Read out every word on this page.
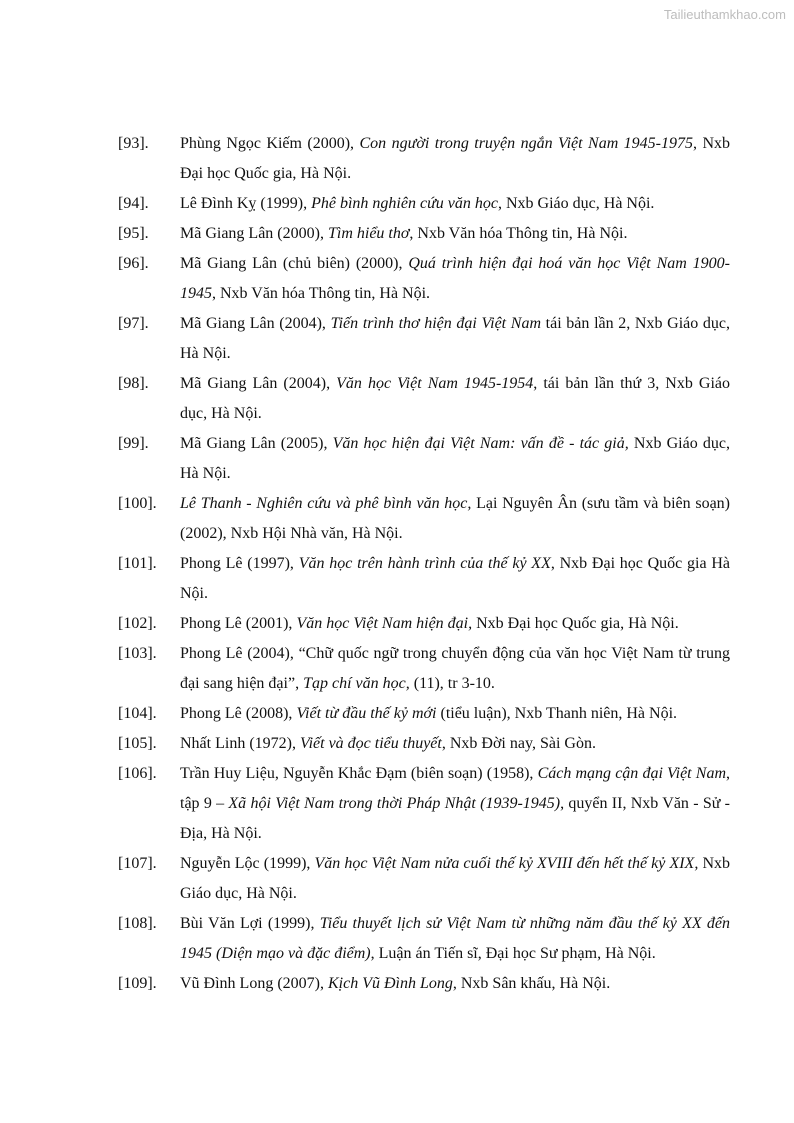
Tailieuthamkhao.com
[93].	Phùng Ngọc Kiếm (2000), Con người trong truyện ngắn Việt Nam 1945-1975, Nxb Đại học Quốc gia, Hà Nội.
[94].	Lê Đình Kỵ (1999), Phê bình nghiên cứu văn học, Nxb Giáo dục, Hà Nội.
[95].	Mã Giang Lân (2000), Tìm hiểu thơ, Nxb Văn hóa Thông tin, Hà Nội.
[96].	Mã Giang Lân (chủ biên) (2000), Quá trình hiện đại hoá văn học Việt Nam 1900- 1945, Nxb Văn hóa Thông tin, Hà Nội.
[97].	Mã Giang Lân (2004), Tiến trình thơ hiện đại Việt Nam tái bản lần 2, Nxb Giáo dục, Hà Nội.
[98].	Mã Giang Lân (2004), Văn học Việt Nam 1945-1954, tái bản lần thứ 3, Nxb Giáo dục, Hà Nội.
[99].	Mã Giang Lân (2005), Văn học hiện đại Việt Nam: vấn đề - tác giả, Nxb Giáo dục, Hà Nội.
[100].	Lê Thanh - Nghiên cứu và phê bình văn học, Lại Nguyên Ân (sưu tầm và biên soạn) (2002), Nxb Hội Nhà văn, Hà Nội.
[101].	Phong Lê (1997), Văn học trên hành trình của thế kỷ XX, Nxb Đại học Quốc gia Hà Nội.
[102].	Phong Lê (2001), Văn học Việt Nam hiện đại, Nxb Đại học Quốc gia, Hà Nội.
[103].	Phong Lê (2004), “Chữ quốc ngữ trong chuyển động của văn học Việt Nam từ trung đại sang hiện đại”, Tạp chí văn học, (11), tr 3-10.
[104].	Phong Lê (2008), Viết từ đầu thế kỷ mới (tiểu luận), Nxb Thanh niên, Hà Nội.
[105].	Nhất Linh (1972), Viết và đọc tiểu thuyết, Nxb Đời nay, Sài Gòn.
[106].	Trần Huy Liệu, Nguyễn Khắc Đạm (biên soạn) (1958), Cách mạng cận đại Việt Nam, tập 9 – Xã hội Việt Nam trong thời Pháp Nhật (1939-1945), quyển II, Nxb Văn - Sử - Địa, Hà Nội.
[107].	Nguyễn Lộc (1999), Văn học Việt Nam nửa cuối thế kỷ XVIII đến hết thế kỷ XIX, Nxb Giáo dục, Hà Nội.
[108].	Bùi Văn Lợi (1999), Tiểu thuyết lịch sử Việt Nam từ những năm đầu thế kỷ XX đến 1945 (Diện mạo và đặc điểm), Luận án Tiến sĩ, Đại học Sư phạm, Hà Nội.
[109].	Vũ Đình Long (2007), Kịch Vũ Đình Long, Nxb Sân khấu, Hà Nội.
